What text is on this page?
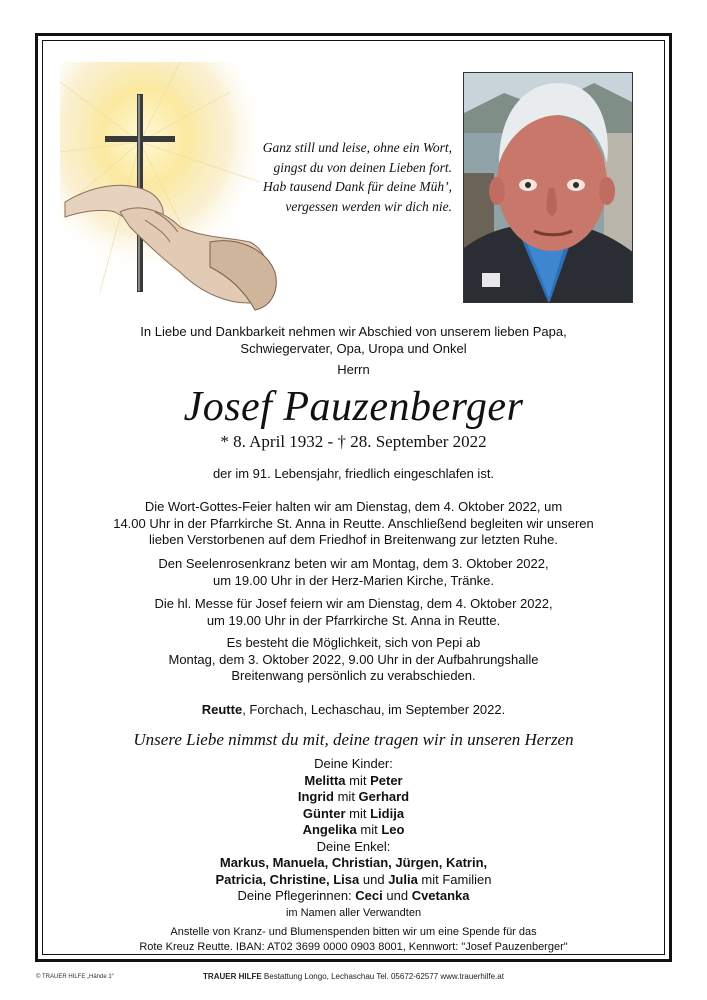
Ganz still und leise, ohne ein Wort,
gingst du von deinen Lieben fort.
Hab tausend Dank für deine Müh’,
vergessen werden wir dich nie.
In Liebe und Dankbarkeit nehmen wir Abschied von unserem lieben Papa,
Schwiegervater, Opa, Uropa und Onkel
Herrn
Josef Pauzenberger
* 8. April 1932 - † 28. September 2022
der im 91. Lebensjahr, friedlich eingeschlafen ist.
Die Wort-Gottes-Feier halten wir am Dienstag, dem 4. Oktober 2022, um
14.00 Uhr in der Pfarrkirche St. Anna in Reutte. Anschließend begleiten wir unseren
lieben Verstorbenen auf dem Friedhof in Breitenwang zur letzten Ruhe.
Den Seelenrosenkranz beten wir am Montag, dem 3. Oktober 2022,
um 19.00 Uhr in der Herz-Marien Kirche, Tränke.
Die hl. Messe für Josef feiern wir am Dienstag, dem 4. Oktober 2022,
um 19.00 Uhr in der Pfarrkirche St. Anna in Reutte.
Es besteht die Möglichkeit, sich von Pepi ab
Montag, dem 3. Oktober 2022, 9.00 Uhr in der Aufbahrungshalle
Breitenwang persönlich zu verabschieden.
Reutte, Forchach, Lechaschau, im September 2022.
Unsere Liebe nimmst du mit, deine tragen wir in unseren Herzen
Deine Kinder:
Melitta mit Peter
Ingrid mit Gerhard
Günter mit Lidija
Angelika mit Leo
Deine Enkel:
Markus, Manuela, Christian, Jürgen, Katrin,
Patricia, Christine, Lisa und Julia mit Familien
Deine Pflegerinnen: Ceci und Cvetanka
im Namen aller Verwandten
Anstelle von Kranz- und Blumenspenden bitten wir um eine Spende für das
Rote Kreuz Reutte. IBAN: AT02 3699 0000 0903 8001, Kennwort: "Josef Pauzenberger"
© TRAUER HILFE „Hände 1“	TRAUER HILFE Bestattung Longo, Lechaschau Tel. 05672-62577 www.trauerhilfe.at
